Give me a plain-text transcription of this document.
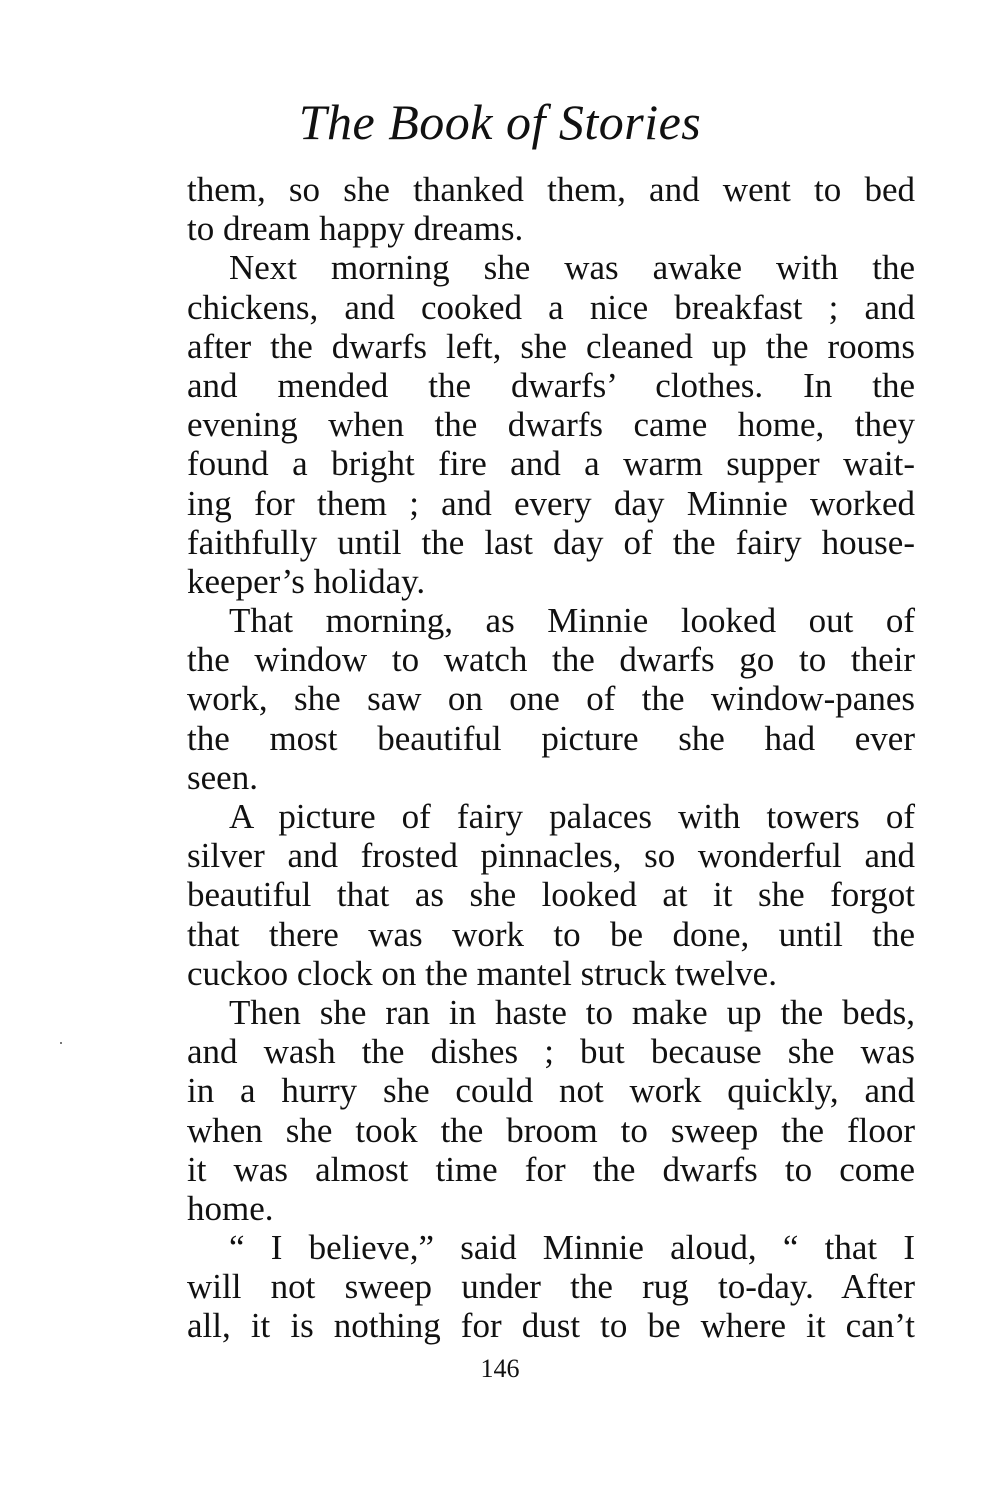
The Book of Stories
them, so she thanked them, and went to bed
to dream happy dreams.
Next morning she was awake with the
chickens, and cooked a nice breakfast ; and
after the dwarfs left, she cleaned up the rooms
and mended the dwarfs’ clothes. In the
evening when the dwarfs came home, they
found a bright fire and a warm supper wait-
ing for them ; and every day Minnie worked
faithfully until the last day of the fairy house-
keeper’s holiday.
That morning, as Minnie looked out of
the window to watch the dwarfs go to their
work, she saw on one of the window-panes
the most beautiful picture she had ever
seen.
A picture of fairy palaces with towers of
silver and frosted pinnacles, so wonderful and
beautiful that as she looked at it she forgot
that there was work to be done, until the
cuckoo clock on the mantel struck twelve.
Then she ran in haste to make up the beds,
and wash the dishes ; but because she was
in a hurry she could not work quickly, and
when she took the broom to sweep the floor
it was almost time for the dwarfs to come
home.
“ I believe,” said Minnie aloud, “ that I
will not sweep under the rug to-day. After
all, it is nothing for dust to be where it can’t
146
